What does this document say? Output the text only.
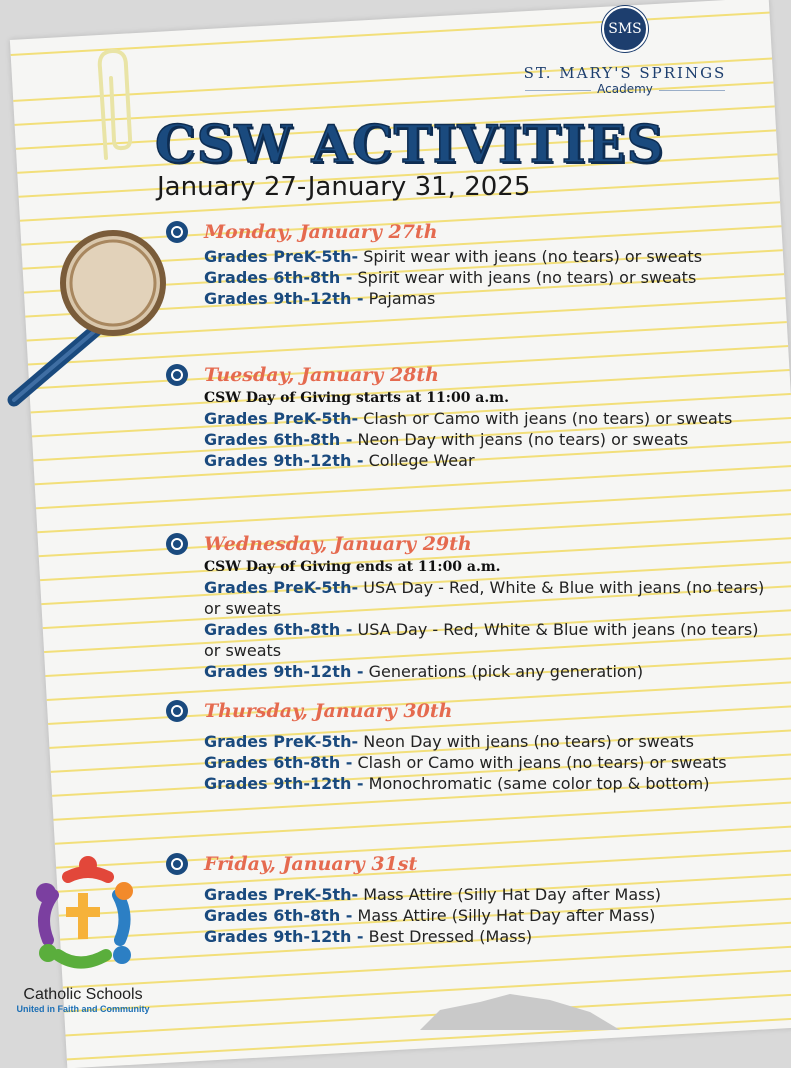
SMS
ST. MARY'S SPRINGS
Academy
CSW ACTIVITIES
January 27-January 31, 2025
Monday, January 27th
Grades PreK-5th- Spirit wear with jeans (no tears) or sweats
Grades 6th-8th - Spirit wear with jeans (no tears) or sweats
Grades 9th-12th - Pajamas
Tuesday, January 28th
CSW Day of Giving starts at 11:00 a.m.
Grades PreK-5th- Clash or Camo with jeans (no tears) or sweats
Grades 6th-8th - Neon Day with jeans (no tears) or sweats
Grades 9th-12th - College Wear
Wednesday, January 29th
CSW Day of Giving ends at 11:00 a.m.
Grades PreK-5th- USA Day - Red, White & Blue with jeans (no tears) or sweats
Grades 6th-8th - USA Day - Red, White & Blue with jeans (no tears) or sweats
Grades 9th-12th - Generations (pick any generation)
Thursday, January 30th
Grades PreK-5th- Neon Day with jeans (no tears) or sweats
Grades 6th-8th - Clash or Camo with jeans (no tears) or sweats
Grades 9th-12th - Monochromatic (same color top & bottom)
Friday, January 31st
Grades PreK-5th- Mass Attire (Silly Hat Day after Mass)
Grades 6th-8th - Mass Attire (Silly Hat Day after Mass)
Grades 9th-12th - Best Dressed (Mass)
Catholic Schools
United in Faith and Community
